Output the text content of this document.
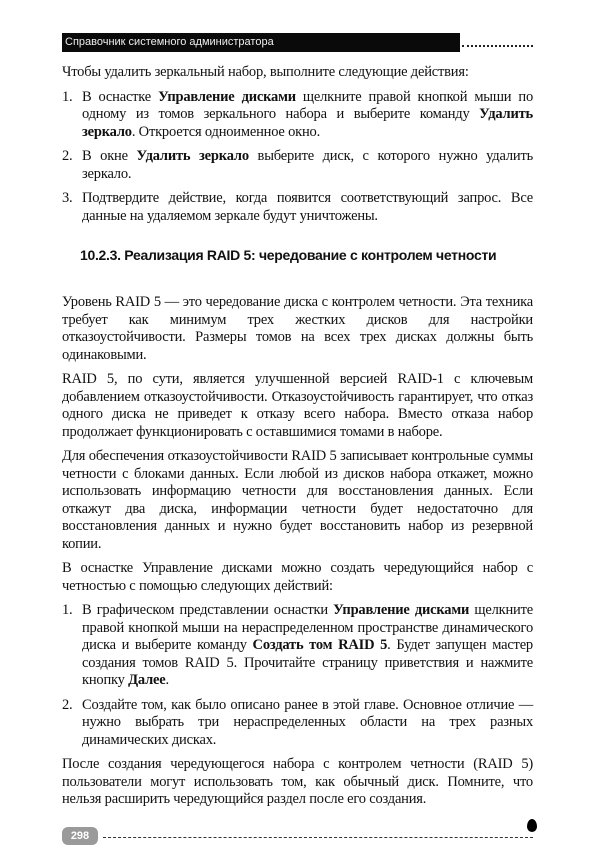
Справочник системного администратора

Чтобы удалить зеркальный набор, выполните следующие действия:

1. В оснастке Управление дисками щелкните правой кнопкой мыши по одному из томов зеркального набора и выберите команду Удалить зеркало. Откроется одноименное окно.
2. В окне Удалить зеркало выберите диск, с которого нужно удалить зеркало.
3. Подтвердите действие, когда появится соответствующий запрос. Все данные на удаляемом зеркале будут уничтожены.
10.2.3. Реализация RAID 5: чередование с контролем четности

Уровень RAID 5 — это чередование диска с контролем четности. Эта техника требует как минимум трех жестких дисков для настройки отказоустойчивости. Размеры томов на всех трех дисках должны быть одинаковыми.

RAID 5, по сути, является улучшенной версией RAID-1 с ключевым добавлением отказоустойчивости. Отказоустойчивость гарантирует, что отказ одного диска не приведет к отказу всего набора. Вместо отказа набор продолжает функционировать с оставшимися томами в наборе.

Для обеспечения отказоустойчивости RAID 5 записывает контрольные суммы четности с блоками данных. Если любой из дисков набора откажет, можно использовать информацию четности для восстановления данных. Если откажут два диска, информации четности будет недостаточно для восстановления данных и нужно будет восстановить набор из резервной копии.

В оснастке Управление дисками можно создать чередующийся набор с четностью с помощью следующих действий:

1. В графическом представлении оснастки Управление дисками щелкните правой кнопкой мыши на нераспределенном пространстве динамического диска и выберите команду Создать том RAID 5. Будет запущен мастер создания томов RAID 5. Прочитайте страницу приветствия и нажмите кнопку Далее.
2. Создайте том, как было описано ранее в этой главе. Основное отличие — нужно выбрать три нераспределенных области на трех разных динамических дисках.

После создания чередующегося набора с контролем четности (RAID 5) пользователи могут использовать том, как обычный диск. Помните, что нельзя расширить чередующийся раздел после его создания.

298
